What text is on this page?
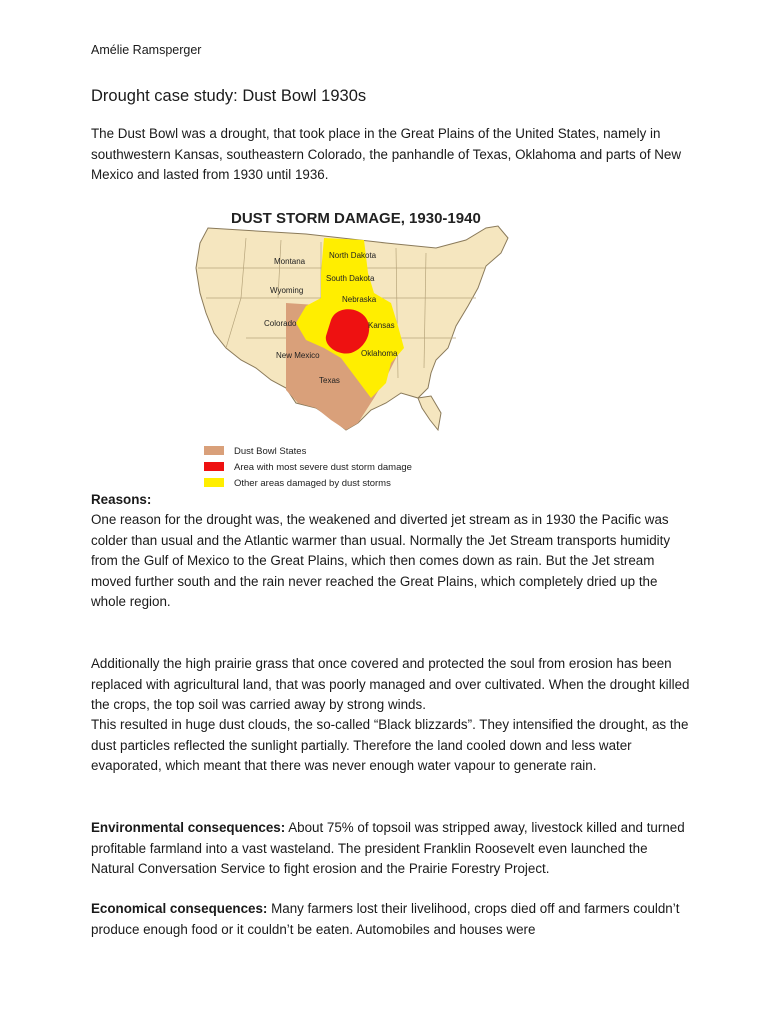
Amélie Ramsperger
Drought case study: Dust Bowl 1930s

The Dust Bowl was a drought, that took place in the Great Plains of the United States, namely in southwestern Kansas, southeastern Colorado, the panhandle of Texas, Oklahoma and parts of New Mexico and lasted from 1930 until 1936.

DUST STORM DAMAGE, 1930-1940
North Dakota
Montana
South Dakota
Wyoming
Nebraska
Colorado	Kansas
New Mexico	Oklahoma
Texas
Dust Bowl States
Area with most severe dust storm damage
Other areas damaged by dust storms

Reasons:

One reason for the drought was, the weakened and diverted jet stream as in 1930 the Pacific was colder than usual and the Atlantic warmer than usual. Normally the Jet Stream transports humidity from the Gulf of Mexico to the Great Plains, which then comes down as rain. But the Jet stream moved further south and the rain never reached the Great Plains, which completely dried up the whole region.

Additionally the high prairie grass that once covered and protected the soul from erosion has been replaced with agricultural land, that was poorly managed and over cultivated. When the drought killed the crops, the top soil was carried away by strong winds.

This resulted in huge dust clouds, the so-called “Black blizzards”. They intensified the drought, as the dust particles reflected the sunlight partially. Therefore the land cooled down and less water evaporated, which meant that there was never enough water vapour to generate rain.

Environmental consequences: About 75% of topsoil was stripped away, livestock killed and turned profitable farmland into a vast wasteland. The president Franklin Roosevelt even launched the Natural Conversation Service to fight erosion and the Prairie Forestry Project.

Economical consequences: Many farmers lost their livelihood, crops died off and farmers couldn’t produce enough food or it couldn’t be eaten. Automobiles and houses were
